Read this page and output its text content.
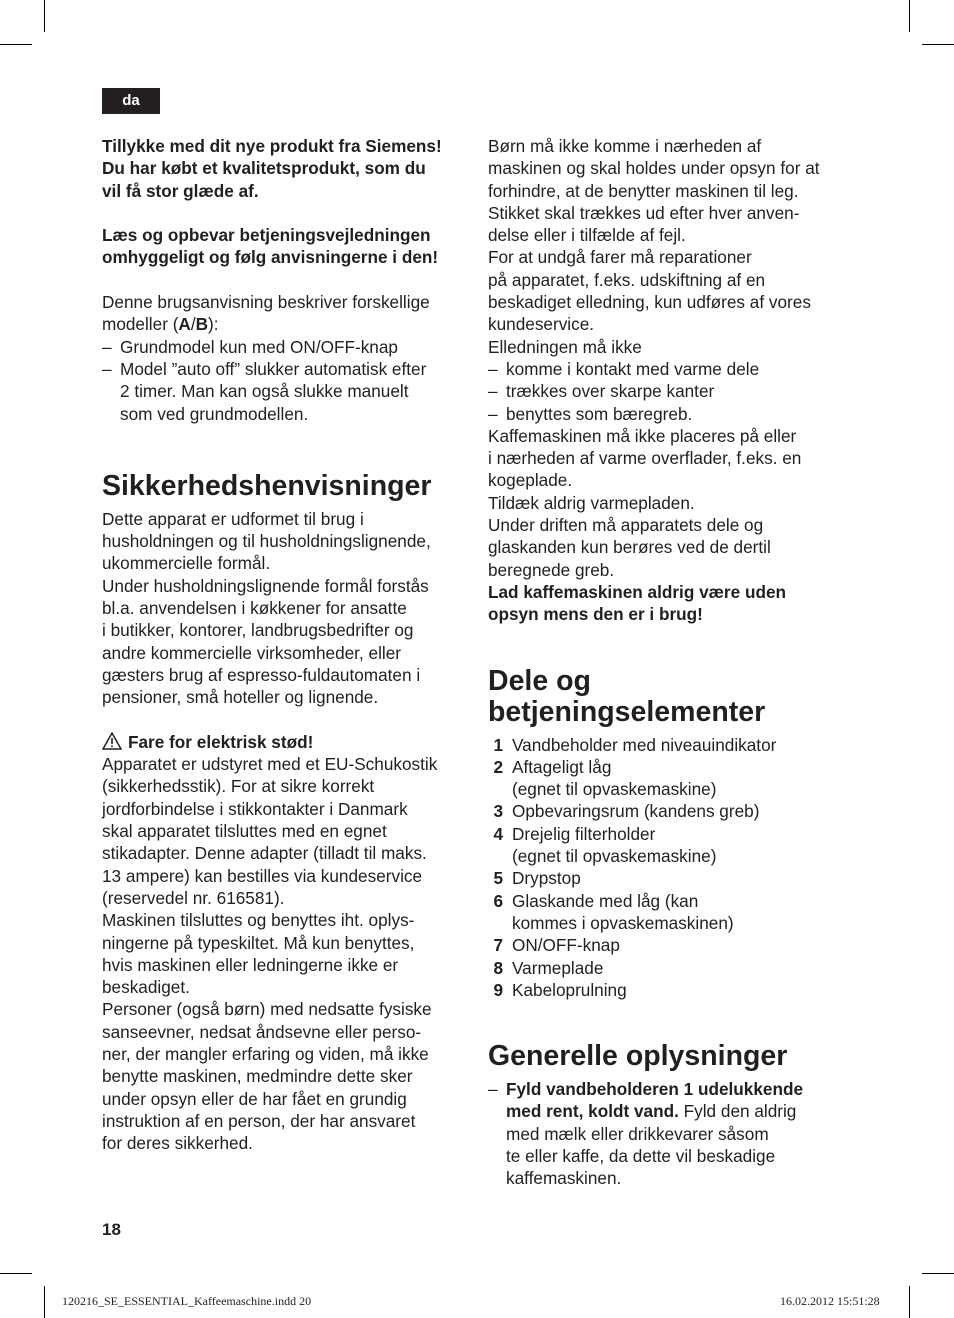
da

Tillykke med dit nye produkt fra Siemens!
Du har købt et kvalitetsprodukt, som du
vil få stor glæde af.

Læs og opbevar betjeningsvejledningen
omhyggeligt og følg anvisningerne i den!

Denne brugsanvisning beskriver forskellige
modeller (A/B):

– Grundmodel kun med ON/OFF-knap
– Model ”auto off” slukker automatisk efter
2 timer. Man kan også slukke manuelt
som ved grundmodellen.
Sikkerhedshenvisninger

Dette apparat er udformet til brug i
husholdningen og til husholdningslignende,
ukommercielle formål.
Under husholdningslignende formål forstås
bl.a. anvendelsen i køkkener for ansatte
i butikker, kontorer, landbrugsbedrifter og
andre kommercielle virksomheder, eller
gæsters brug af espresso-fuldautomaten i
pensioner, små hoteller og lignende.

Fare for elektrisk stød!

Apparatet er udstyret med et EU-Schukostik
(sikkerhedsstik). For at sikre korrekt
jordforbindelse i stikkontakter i Danmark
skal apparatet tilsluttes med en egnet
stikadapter. Denne adapter (tilladt til maks.
13 ampere) kan bestilles via kundeservice
(reservedel nr. 616581).
Maskinen tilsluttes og benyttes iht. oplys-
ningerne på typeskiltet. Må kun benyttes,
hvis maskinen eller ledningerne ikke er
beskadiget.
Personer (også børn) med nedsatte fysiske
sanseevner, nedsat åndsevne eller perso-
ner, der mangler erfaring og viden, må ikke
benytte maskinen, medmindre dette sker
under opsyn eller de har fået en grundig
instruktion af en person, der har ansvaret
for deres sikkerhed.

Børn må ikke komme i nærheden af
maskinen og skal holdes under opsyn for at
forhindre, at de benytter maskinen til leg.
Stikket skal trækkes ud efter hver anven-
delse eller i tilfælde af fejl.
For at undgå farer må reparationer
på apparatet, f.eks. udskiftning af en
beskadiget elledning, kun udføres af vores
kundeservice.
Elledningen må ikke

– komme i kontakt med varme dele
– trækkes over skarpe kanter
– benyttes som bæregreb.

Kaffemaskinen må ikke placeres på eller
i nærheden af varme overflader, f.eks. en
kogeplade.
Tildæk aldrig varmepladen.
Under driften må apparatets dele og
glaskanden kun berøres ved de dertil
beregnede greb.

Lad kaffemaskinen aldrig være uden
opsyn mens den er i brug!

Dele og
betjeningselementer
1 Vandbeholder med niveauindikator
2 Aftageligt låg
(egnet til opvaskemaskine)
3 Opbevaringsrum (kandens greb)
4 Drejelig filterholder
(egnet til opvaskemaskine)
5 Drypstop
6 Glaskande med låg (kan
kommes i opvaskemaskinen)
7 ON/OFF-knap
8 Varmeplade
9 Kabeloprulning
Generelle oplysninger
– Fyld vandbeholderen 1 udelukkende
med rent, koldt vand. Fyld den aldrig
med mælk eller drikkevarer såsom
te eller kaffe, da dette vil beskadige
kaffemaskinen.
18
120216_SE_ESSENTIAL_Kaffeemaschine.indd 20	16.02.2012 15:51:28
